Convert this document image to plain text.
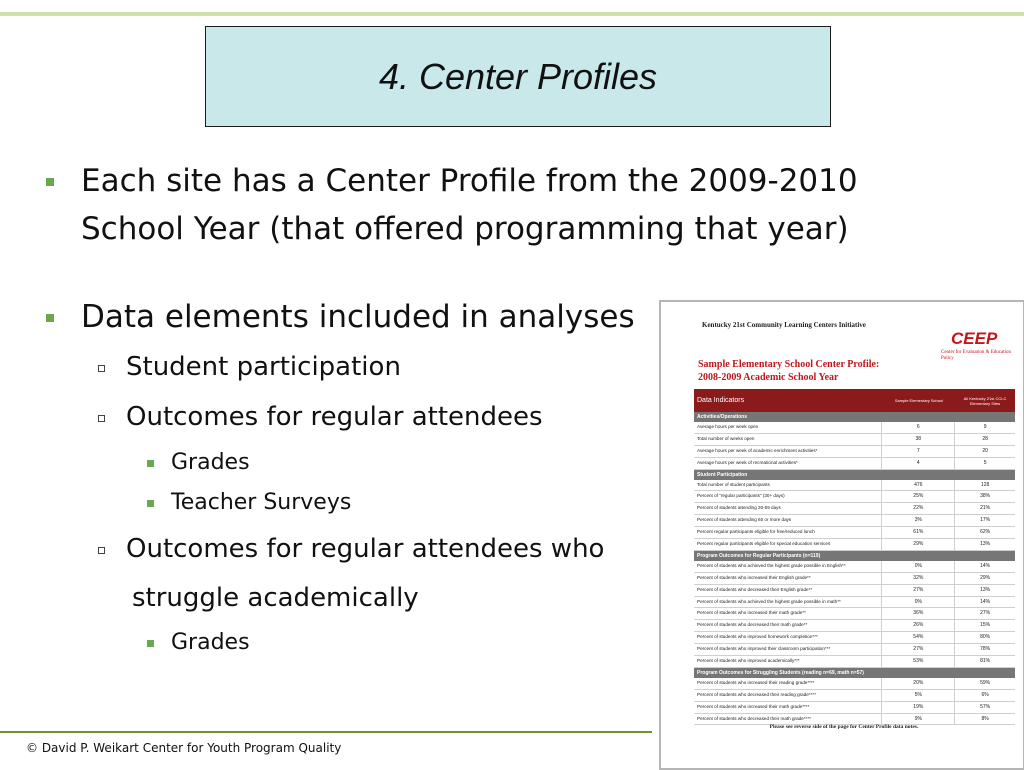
4. Center Profiles
Each site has a Center Profile from the 2009-2010
School Year (that offered programming that year)
Data elements included in analyses
Student participation
Outcomes for regular attendees
Grades
Teacher Surveys
Outcomes for regular attendees who
struggle academically
Grades
© David P. Weikart Center for Youth Program Quality
Kentucky 21st Community Learning Centers Initiative
CEEP
Center for Evaluation & Education Policy
Sample Elementary School Center Profile:
2008-2009 Academic School Year
Data Indicators	Sample Elementary School	All Kentucky 21st CCLC Elementary Sites
Activities/Operations
Average hours per week open	6	9
Total number of weeks open	38	28
Average hours per week of academic enrichment activities*	7	20
Average hours per week of recreational activities*	4	5
Student Participation
Total number of student participants	476	128
Percent of "regular participants" (30+ days)	25%	38%
Percent of students attending 30-59 days	22%	21%
Percent of students attending 60 or more days	3%	17%
Percent regular participants eligible for free/reduced lunch	61%	62%
Percent regular participants eligible for special education services	29%	13%
Program Outcomes for Regular Participants (n=119)
Percent of students who achieved the highest grade possible in English**	0%	14%
Percent of students who increased their English grade**	32%	29%
Percent of students who decreased their English grade**	27%	13%
Percent of students who achieved the highest grade possible in math**	0%	14%
Percent of students who increased their math grade**	36%	27%
Percent of students who decreased their math grade**	26%	15%
Percent of students who improved homework completion***	54%	80%
Percent of students who improved their classroom participation***	27%	78%
Percent of students who improved academically***	53%	81%
Program Outcomes for Struggling Students (reading n=69, math n=57)
Percent of students who increased their reading grade****	20%	59%
Percent of students who decreased their reading grade****	5%	6%
Percent of students who increased their math grade****	19%	57%
Percent of students who decreased their math grade****	9%	8%
Please see reverse side of the page for Center Profile data notes.
